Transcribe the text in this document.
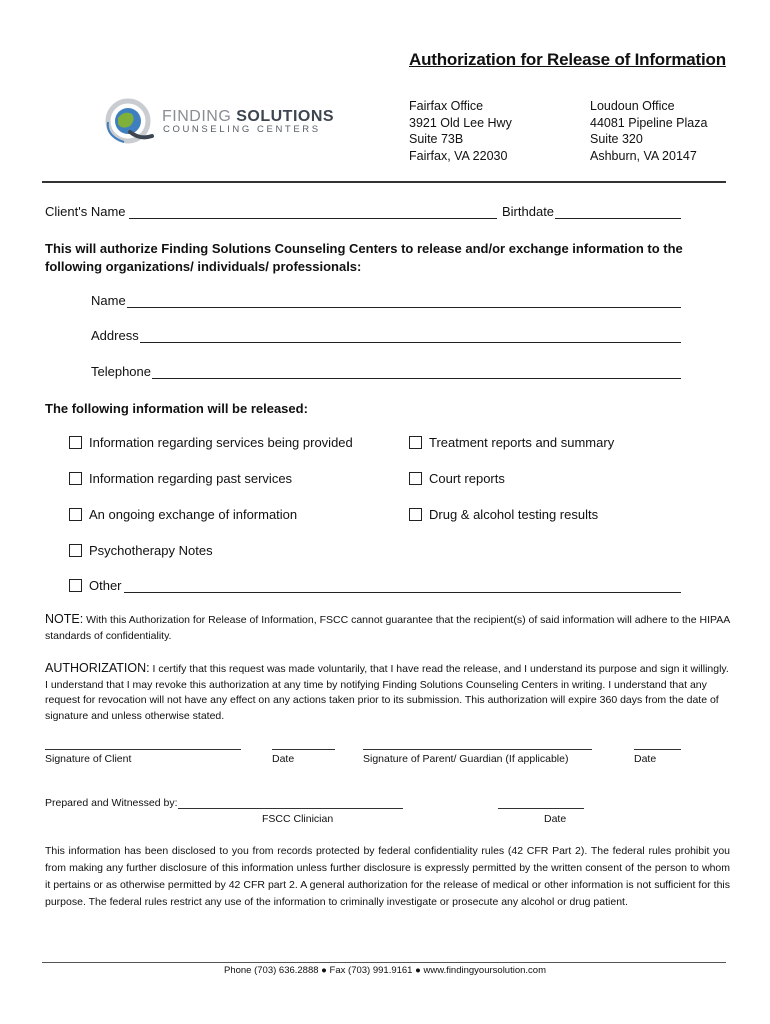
Authorization for Release of Information
FINDING SOLUTIONS
COUNSELING CENTERS
Fairfax Office
3921 Old Lee Hwy
Suite 73B
Fairfax, VA 22030
Loudoun Office
44081 Pipeline Plaza
Suite 320
Ashburn, VA 20147
Client's Name	Birthdate
This will authorize Finding Solutions Counseling Centers to release and/or exchange information to the following organizations/ individuals/ professionals:
Name
Address
Telephone
The following information will be released:
Information regarding services being provided
Information regarding past services
An ongoing exchange of information
Psychotherapy Notes
Other
Treatment reports and summary
Court reports
Drug & alcohol testing results
NOTE: With this Authorization for Release of Information, FSCC cannot guarantee that the recipient(s) of said information will adhere to the HIPAA standards of confidentiality.
AUTHORIZATION: I certify that this request was made voluntarily, that I have read the release, and I understand its purpose and sign it willingly. I understand that I may revoke this authorization at any time by notifying Finding Solutions Counseling Centers in writing. I understand that any request for revocation will not have any effect on any actions taken prior to its submission. This authorization will expire 360 days from the date of signature and unless otherwise stated.
Signature of Client	Date	Signature of Parent/ Guardian (If applicable)	Date
Prepared and Witnessed by:
FSCC Clinician	Date
This information has been disclosed to you from records protected by federal confidentiality rules (42 CFR Part 2). The federal rules prohibit you from making any further disclosure of this information unless further disclosure is expressly permitted by the written consent of the person to whom it pertains or as otherwise permitted by 42 CFR part 2. A general authorization for the release of medical or other information is not sufficient for this purpose. The federal rules restrict any use of the information to criminally investigate or prosecute any alcohol or drug patient.
Phone (703) 636.2888 ● Fax (703) 991.9161 ● www.findingyoursolution.com
